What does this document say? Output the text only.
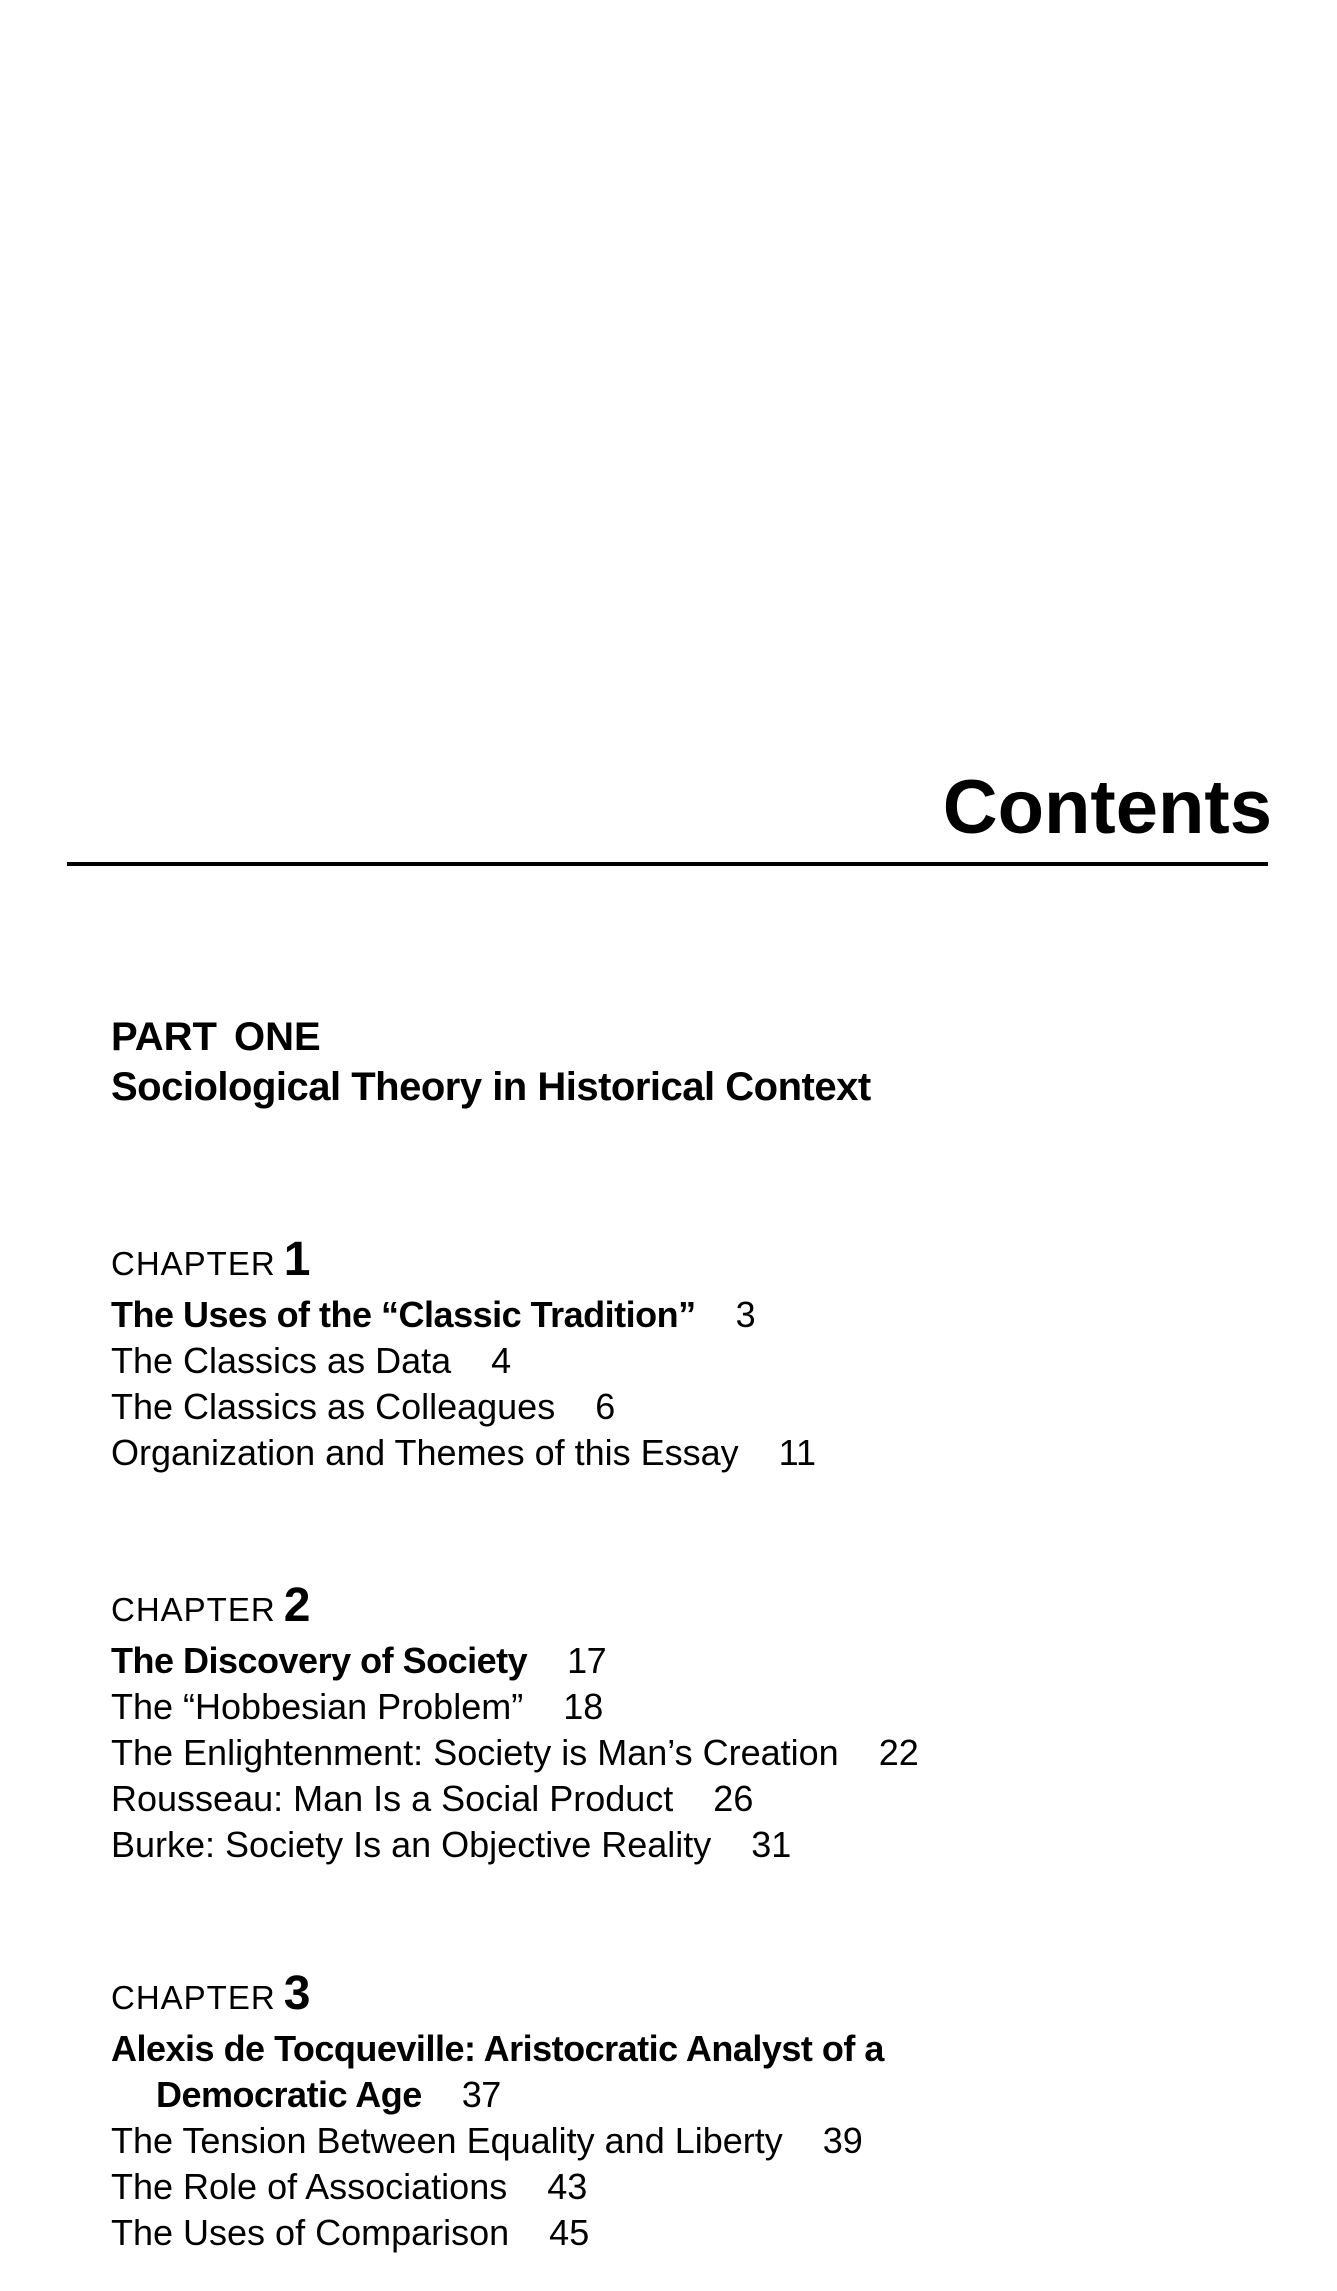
Contents
PART ONE
Sociological Theory in Historical Context
CHAPTER 1
The Uses of the “Classic Tradition” 3
The Classics as Data 4
The Classics as Colleagues 6
Organization and Themes of this Essay 11
CHAPTER 2
The Discovery of Society 17
The “Hobbesian Problem” 18
The Enlightenment: Society is Man’s Creation 22
Rousseau: Man Is a Social Product 26
Burke: Society Is an Objective Reality 31
CHAPTER 3
Alexis de Tocqueville: Aristocratic Analyst of a
Democratic Age 37
The Tension Between Equality and Liberty 39
The Role of Associations 43
The Uses of Comparison 45
